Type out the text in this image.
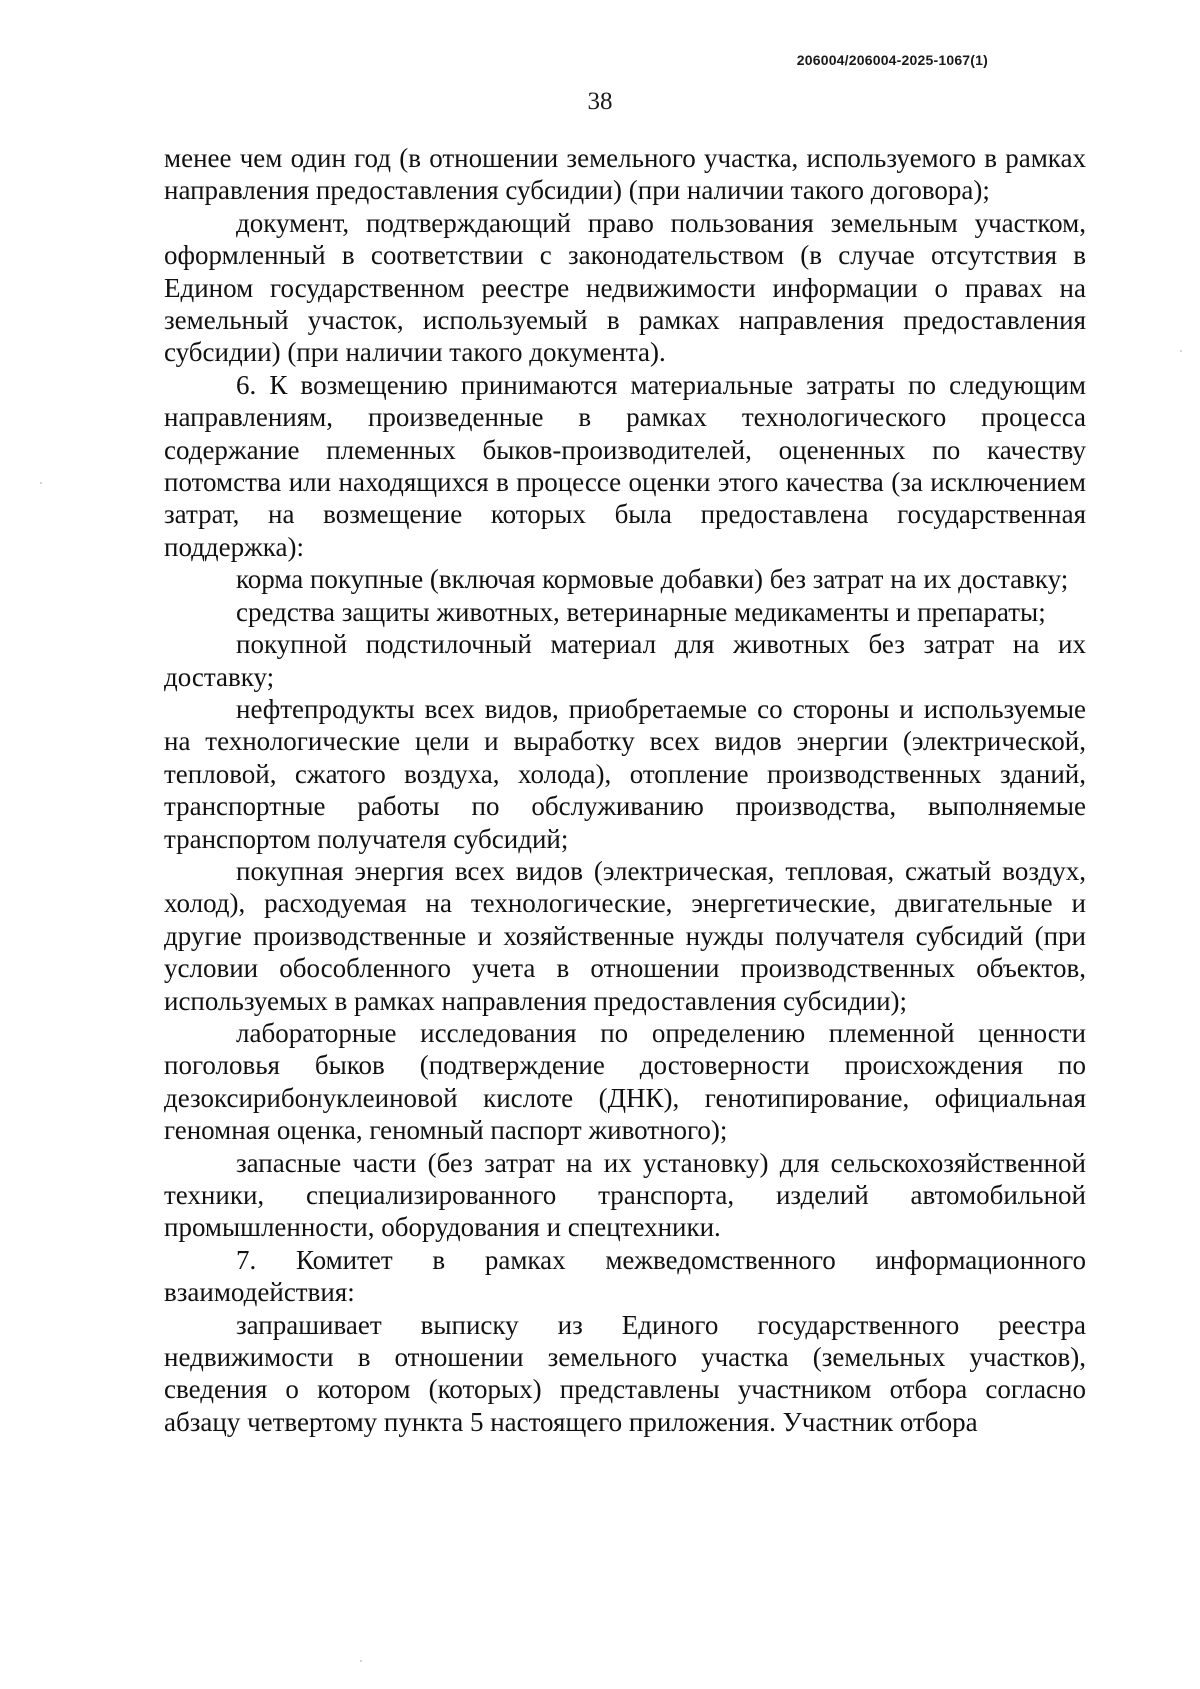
206004/206004-2025-1067(1)
38

менее чем один год (в отношении земельного участка, используемого в рамках направления предоставления субсидии) (при наличии такого договора);

документ, подтверждающий право пользования земельным участком, оформленный в соответствии с законодательством (в случае отсутствия в Едином государственном реестре недвижимости информации о правах на земельный участок, используемый в рамках направления предоставления субсидии) (при наличии такого документа).

6. К возмещению принимаются материальные затраты по следующим направлениям, произведенные в рамках технологического процесса содержание племенных быков-производителей, оцененных по качеству потомства или находящихся в процессе оценки этого качества (за исключением затрат, на возмещение которых была предоставлена государственная поддержка):

корма покупные (включая кормовые добавки) без затрат на их доставку;

средства защиты животных, ветеринарные медикаменты и препараты;

покупной подстилочный материал для животных без затрат на их доставку;

нефтепродукты всех видов, приобретаемые со стороны и используемые на технологические цели и выработку всех видов энергии (электрической, тепловой, сжатого воздуха, холода), отопление производственных зданий, транспортные работы по обслуживанию производства, выполняемые транспортом получателя субсидий;

покупная энергия всех видов (электрическая, тепловая, сжатый воздух, холод), расходуемая на технологические, энергетические, двигательные и другие производственные и хозяйственные нужды получателя субсидий (при условии обособленного учета в отношении производственных объектов, используемых в рамках направления предоставления субсидии);

лабораторные исследования по определению племенной ценности поголовья быков (подтверждение достоверности происхождения по дезоксирибонуклеиновой кислоте (ДНК), генотипирование, официальная геномная оценка, геномный паспорт животного);

запасные части (без затрат на их установку) для сельскохозяйственной техники, специализированного транспорта, изделий автомобильной промышленности, оборудования и спецтехники.

7. Комитет в рамках межведомственного информационного взаимодействия:

запрашивает выписку из Единого государственного реестра недвижимости в отношении земельного участка (земельных участков), сведения о котором (которых) представлены участником отбора согласно абзацу четвертому пункта 5 настоящего приложения. Участник отбора
